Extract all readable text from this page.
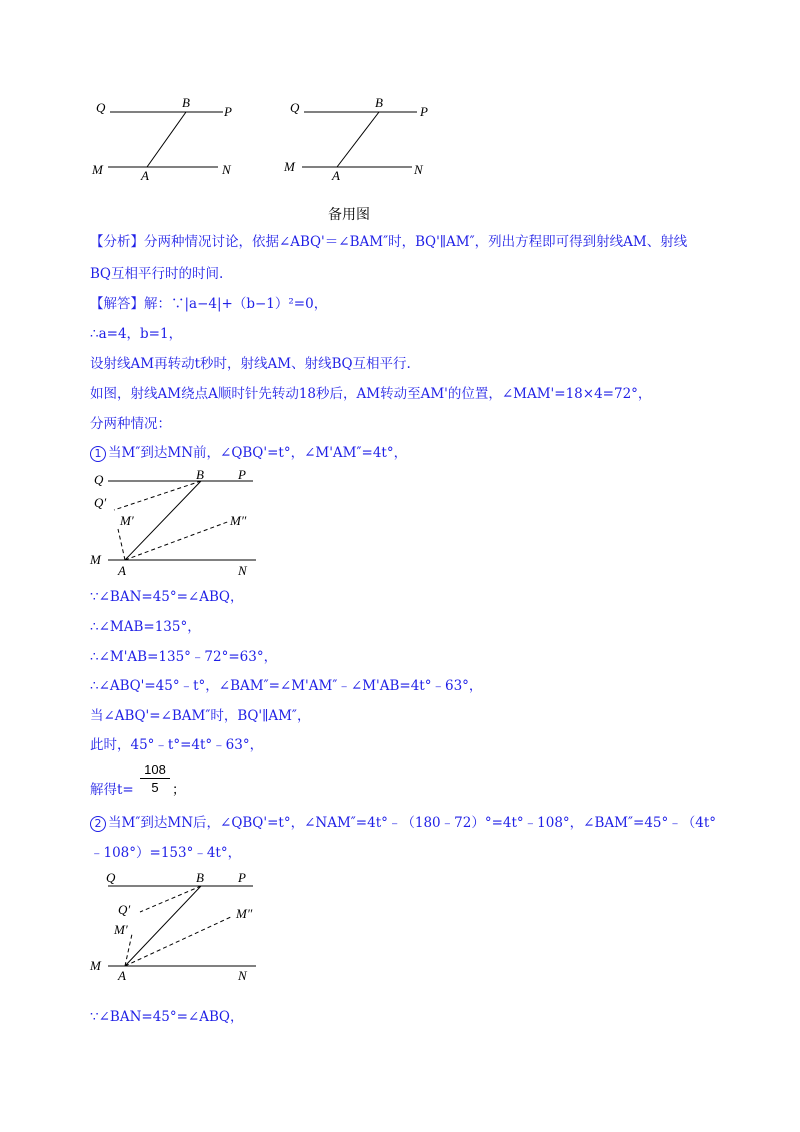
Q	B
P
M	A	N
Q	B
P
M
A	N
备用图
【分析】分两种情况讨论，依据∠ABQ'＝∠BAM″时，BQ'∥AM″，列出方程即可得到射线AM、射线
BQ互相平行时的时间.
【解答】解：∵|a−4|+（b−1）²=0，
∴a=4，b=1，
设射线AM再转动t秒时，射线AM、射线BQ互相平行.
如图，射线AM绕点A顺时针先转动18秒后，AM转动至AM'的位置，∠MAM'=18×4=72°，
分两种情况：
1 当M″到达MN前，∠QBQ'=t°，∠M'AM″=4t°，
Q	B	P
Q′
M′	M″
M
A	N
∵∠BAN=45°=∠ABQ，
∴∠MAB=135°，
∴∠M'AB=135°﹣72°=63°，
∴∠ABQ'=45°﹣t°，∠BAM″=∠M'AM″﹣∠M'AB=4t°﹣63°，
当∠ABQ'=∠BAM″时，BQ'∥AM″，
此时，45°﹣t°=4t°﹣63°，
解得$t= \frac{108}{5}$ ；
2 当M″到达MN后，∠QBQ'=t°，∠NAM″=4t°﹣（180﹣72）°=4t°﹣108°，∠BAM″=45°﹣（4t°
﹣108°）=153°﹣4t°，
Q	B	P
Q′
M′
M″
M
A	N
∵∠BAN=45°=∠ABQ，
